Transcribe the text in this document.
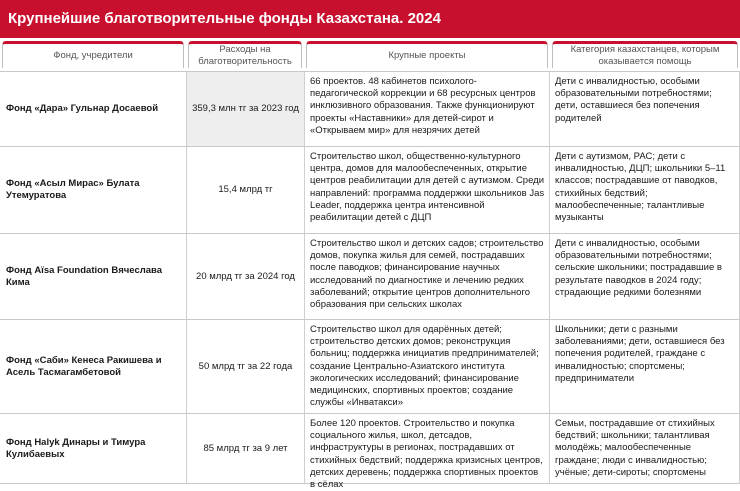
Крупнейшие благотворительные фонды Казахстана. 2024
Фонд, учредители
Расходы на благотворительность
Крупные проекты
Категория казахстанцев, которым оказывается помощь
Фонд «Дара» Гульнар Досаевой	359,3 млн тг за 2023 год
66 проектов. 48 кабинетов психолого-педагогической коррекции и 68 ресурсных центров инклюзивного образования. Также функционируют проекты «Наставники» для детей-сирот и «Открываем мир» для незрячих детей
Дети с инвалидностью, особыми образовательными потребностями; дети, оставшиеся без попечения родителей
Фонд «Асыл Мирас» Булата Утемуратова
15,4 млрд тг
Строительство школ, общественно-культурного центра, домов для малообеспеченных, открытие центров реабилитации для детей с аутизмом. Среди направлений: программа поддержки школьников Jas Leader, поддержка центра интенсивной реабилитации детей с ДЦП
Дети с аутизмом, РАС; дети с инвалидностью, ДЦП; школьники 5–11 классов; пострадавшие от паводков, стихийных бедствий; малообеспеченные; талантливые музыканты
Фонд Aïsa Foundation Вячеслава Кима
20 млрд тг за 2024 год
Строительство школ и детских садов; строительство домов, покупка жилья для семей, пострадавших после паводков; финансирование научных исследований по диагностике и лечению редких заболеваний; открытие центров дополнительного образования при сельских школах
Дети с инвалидностью, особыми образовательными потребностями; сельские школьники; пострадавшие в результате паводков в 2024 году; страдающие редкими болезнями
Фонд «Саби» Кенеса Ракишева и Асель Тасмагамбетовой
50 млрд тг за 22 года
Строительство школ для одарённых детей; строительство детских домов; реконструкция больниц; поддержка инициатив предпринимателей; создание Центрально-Азиатского института экологических исследований; финансирование медицинских, спортивных проектов; создание службы «Инватакси»
Школьники; дети с разными заболеваниями; дети, оставшиеся без попечения родителей, граждане с инвалидностью; спортсмены; предприниматели
Фонд Halyk Динары и Тимура Кулибаевых
85 млрд тг за 9 лет
Более 120 проектов. Строительство и покупка социального жилья, школ, детсадов, инфраструктуры в регионах, пострадавших от стихийных бедствий; поддержка кризисных центров, детских деревень; поддержка спортивных проектов в сёлах
Семьи, пострадавшие от стихийных бедствий; школьники; талантливая молодёжь; малообеспеченные граждане; люди с инвалидностью; учёные; дети-сироты; спортсмены
